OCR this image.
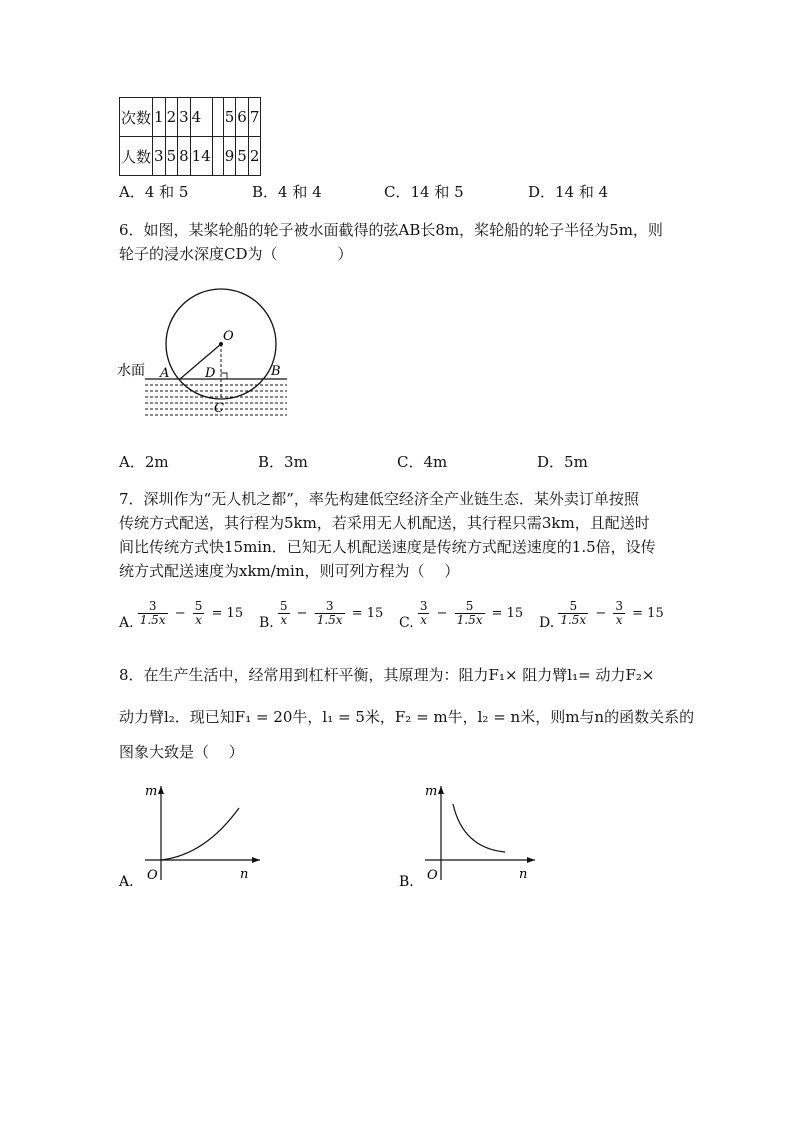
次数	1	2	3	4		5	6	7
人数	3	5	8	14		9	5	2
A．4 和 5	B．4 和 4	C．14 和 5	D．14 和 4
6．如图，某桨轮船的轮子被水面截得的弦AB长8m，桨轮船的轮子半径为5m，则
轮子的浸水深度CD为（　　　　）
O
水面 A	D	B
C
A．2m	B．3m	C．4m	D．5m
7．深圳作为“无人机之都”，率先构建低空经济全产业链生态．某外卖订单按照
传统方式配送，其行程为5km，若采用无人机配送，其行程只需3km，且配送时
间比传统方式快15min．已知无人机配送速度是传统方式配送速度的1.5倍，设传
统方式配送速度为xkm/min，则可列方程为（　 ）
A. $\frac{3}{1.5x} - \frac{5}{x} = 15$
B. $\frac{5}{x} - \frac{3}{1.5x} = 15$
C. $\frac{3}{x} - \frac{5}{1.5x} = 15$
D. $\frac{5}{1.5x} - \frac{3}{x} = 15$
8．在生产生活中，经常用到杠杆平衡，其原理为：阻力F₁× 阻力臂l₁= 动力F₂×
动力臂l₂．现已知F₁ = 20牛，l₁ = 5米，F₂ = m牛，l₂ = n米，则m与n的函数关系的
图象大致是（　 ）
m
n
O
A.
m
n
O
B.
